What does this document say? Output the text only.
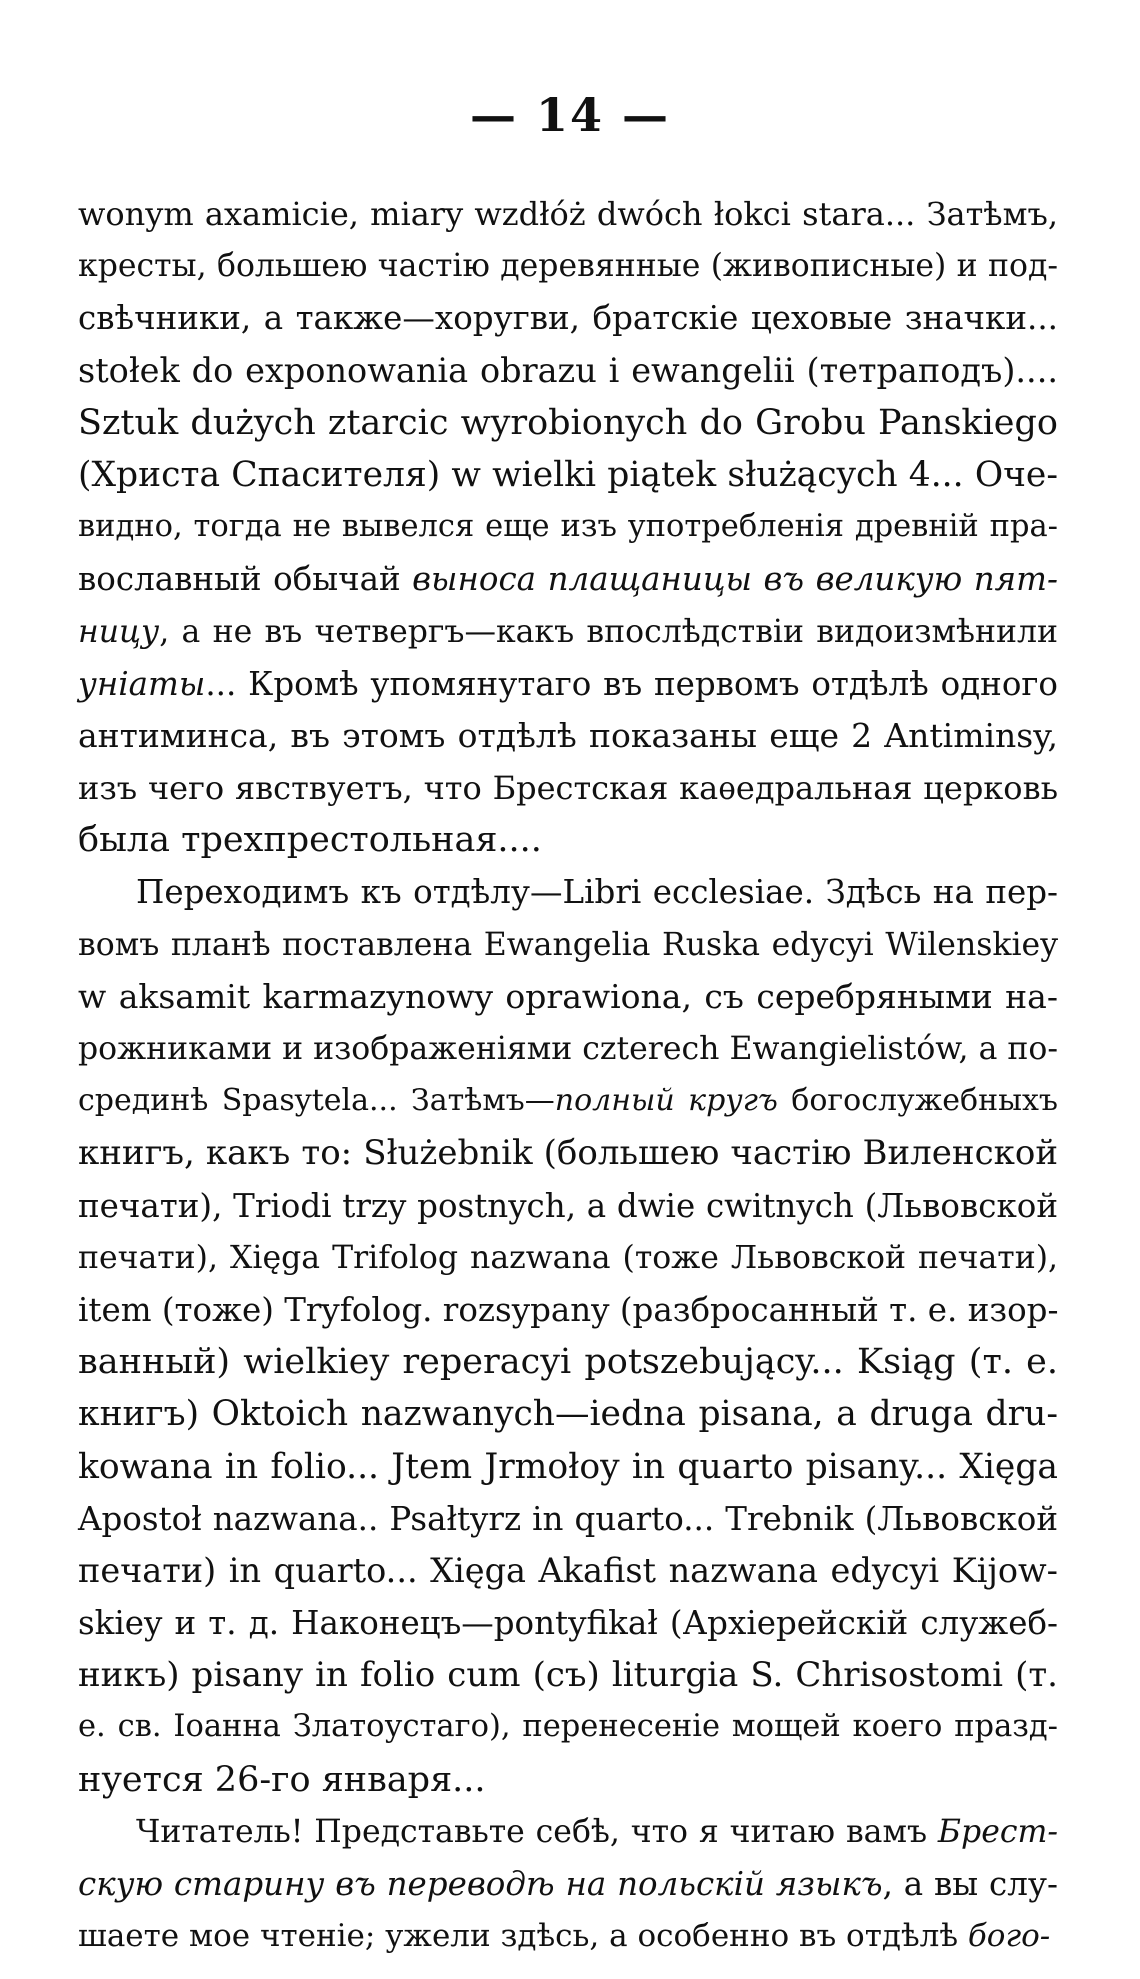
— 14 —
wonym axamicie, miary wzdłóż dwóch łokci stara... Затѣмъ,
кресты, большею частію деревянные (живописные) и под-
свѣчники, а также—хоругви, братскіе цеховые значки...
stołek do exponowania obrazu i ewangelii (тетраподъ)....
Sztuk dużych ztarcic wyrobionych do Grobu Panskiego
(Христа Спасителя) w wielki piątek służących 4... Оче-
видно, тогда не вывелся еще изъ употребленія древній пра-
вославный обычай выноса плащаницы въ великую пят-
ницу, а не въ четвергъ—какъ впослѣдствіи видоизмѣнили
уніаты... Кромѣ упомянутаго въ первомъ отдѣлѣ одного
антиминса, въ этомъ отдѣлѣ показаны еще 2 Antiminsy,
изъ чего явствуетъ, что Брестская каѳедральная церковь
была трехпрестольная....
Переходимъ къ отдѣлу—Libri ecclesiae. Здѣсь на пер-
вомъ планѣ поставлена Ewangelia Ruska edycyi Wilenskiey
w aksamit karmazynowy oprawiona, съ серебряными на-
рожниками и изображеніями czterech Ewangielistów, а по-
срединѣ Spasytela... Затѣмъ—полный кругъ богослужебныхъ
книгъ, какъ то: Służebnik (большею частію Виленской
печати), Triodi trzy postnych, a dwie cwitnych (Львовской
печати), Xięga Trifolog nazwana (тоже Львовской печати),
item (тоже) Tryfolog. rozsypany (разбросанный т. е. изор-
ванный) wielkiey reperacyi potszebujący... Ksiąg (т. е.
книгъ) Oktoich nazwanych—iedna pisana, a druga dru-
kowana in folio... Jtem Jrmołoy in quarto pisany... Xięga
Apostoł nazwana.. Psałtyrz in quarto... Trebnik (Львовской
печати) in quarto... Xięga Akafist nazwana edycyi Kijow-
skiey и т. д. Наконецъ—pontyfikał (Архіерейскій служеб-
никъ) pisany in folio cum (съ) liturgia S. Chrisostomi (т.
е. св. Іоанна Златоустаго), перенесеніе мощей коего празд-
нуется 26-го января...
Читатель! Представьте себѣ, что я читаю вамъ Брест-
скую старину въ переводѣ на польскій языкъ, а вы слу-
шаете мое чтеніе; ужели здѣсь, а особенно въ отдѣлѣ бого-
